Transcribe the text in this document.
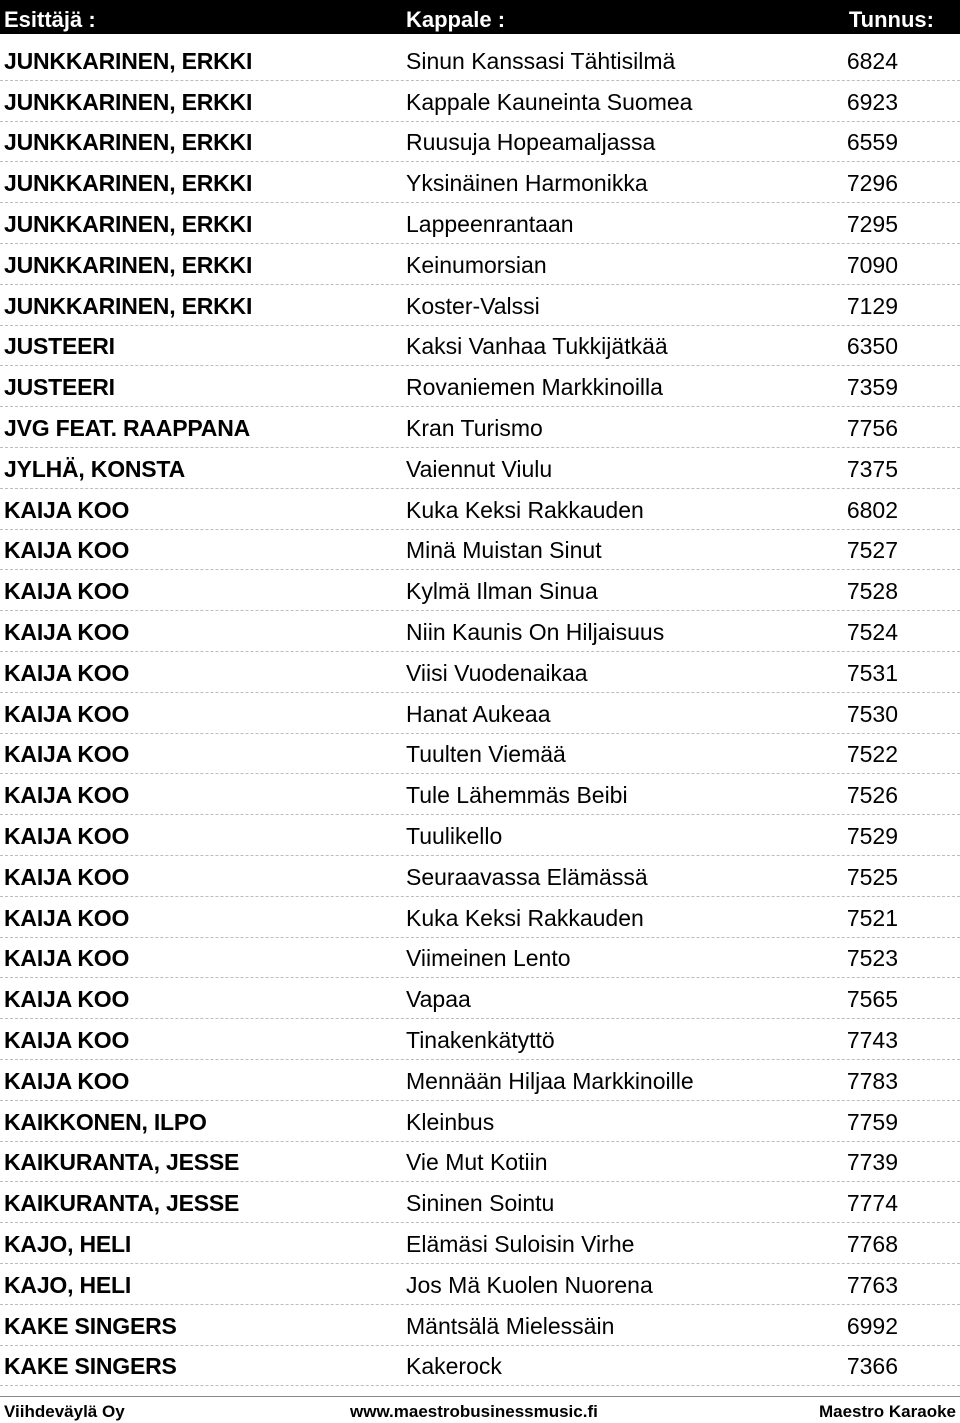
Esittäjä :	Kappale :	Tunnus:
JUNKKARINEN, ERKKI	Sinun Kanssasi Tähtisilmä	6824
JUNKKARINEN, ERKKI	Kappale Kauneinta Suomea	6923
JUNKKARINEN, ERKKI	Ruusuja Hopeamaljassa	6559
JUNKKARINEN, ERKKI	Yksinäinen Harmonikka	7296
JUNKKARINEN, ERKKI	Lappeenrantaan	7295
JUNKKARINEN, ERKKI	Keinumorsian	7090
JUNKKARINEN, ERKKI	Koster-Valssi	7129
JUSTEERI	Kaksi Vanhaa Tukkijätkää	6350
JUSTEERI	Rovaniemen Markkinoilla	7359
JVG FEAT. RAAPPANA	Kran Turismo	7756
JYLHÄ, KONSTA	Vaiennut Viulu	7375
KAIJA KOO	Kuka Keksi Rakkauden	6802
KAIJA KOO	Minä Muistan Sinut	7527
KAIJA KOO	Kylmä Ilman Sinua	7528
KAIJA KOO	Niin Kaunis On Hiljaisuus	7524
KAIJA KOO	Viisi Vuodenaikaa	7531
KAIJA KOO	Hanat Aukeaa	7530
KAIJA KOO	Tuulten Viemää	7522
KAIJA KOO	Tule Lähemmäs Beibi	7526
KAIJA KOO	Tuulikello	7529
KAIJA KOO	Seuraavassa Elämässä	7525
KAIJA KOO	Kuka Keksi Rakkauden	7521
KAIJA KOO	Viimeinen Lento	7523
KAIJA KOO	Vapaa	7565
KAIJA KOO	Tinakenkätyttö	7743
KAIJA KOO	Mennään Hiljaa Markkinoille	7783
KAIKKONEN, ILPO	Kleinbus	7759
KAIKURANTA, JESSE	Vie Mut Kotiin	7739
KAIKURANTA, JESSE	Sininen Sointu	7774
KAJO, HELI	Elämäsi Suloisin Virhe	7768
KAJO, HELI	Jos Mä Kuolen Nuorena	7763
KAKE SINGERS	Mäntsälä Mielessäin	6992
KAKE SINGERS	Kakerock	7366
Viihdeväylä Oy	www.maestrobusinessmusic.fi	Maestro Karaoke
